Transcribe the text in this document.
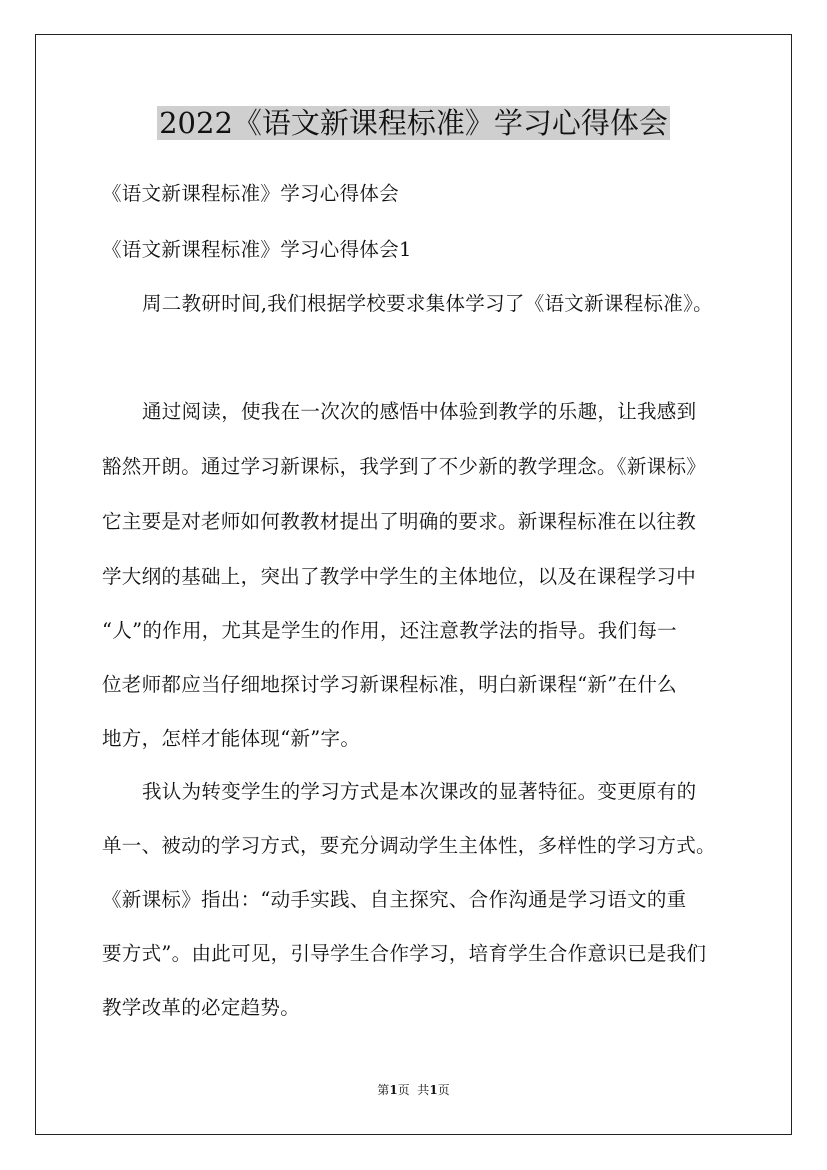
2022《语文新课程标准》学习心得体会
《语文新课程标准》学习心得体会
《语文新课程标准》学习心得体会1
周二教研时间,我们根据学校要求集体学习了《语文新课程标准》。
通过阅读，使我在一次次的感悟中体验到教学的乐趣，让我感到
豁然开朗。通过学习新课标，我学到了不少新的教学理念。《新课标》
它主要是对老师如何教教材提出了明确的要求。新课程标准在以往教
学大纲的基础上，突出了教学中学生的主体地位，以及在课程学习中
“人”的作用，尤其是学生的作用，还注意教学法的指导。我们每一
位老师都应当仔细地探讨学习新课程标准，明白新课程“新”在什么
地方，怎样才能体现“新”字。
我认为转变学生的学习方式是本次课改的显著特征。变更原有的
单一、被动的学习方式，要充分调动学生主体性，多样性的学习方式。
《新课标》指出：“动手实践、自主探究、合作沟通是学习语文的重
要方式”。由此可见，引导学生合作学习，培育学生合作意识已是我们
教学改革的必定趋势。
第1页  共1页
